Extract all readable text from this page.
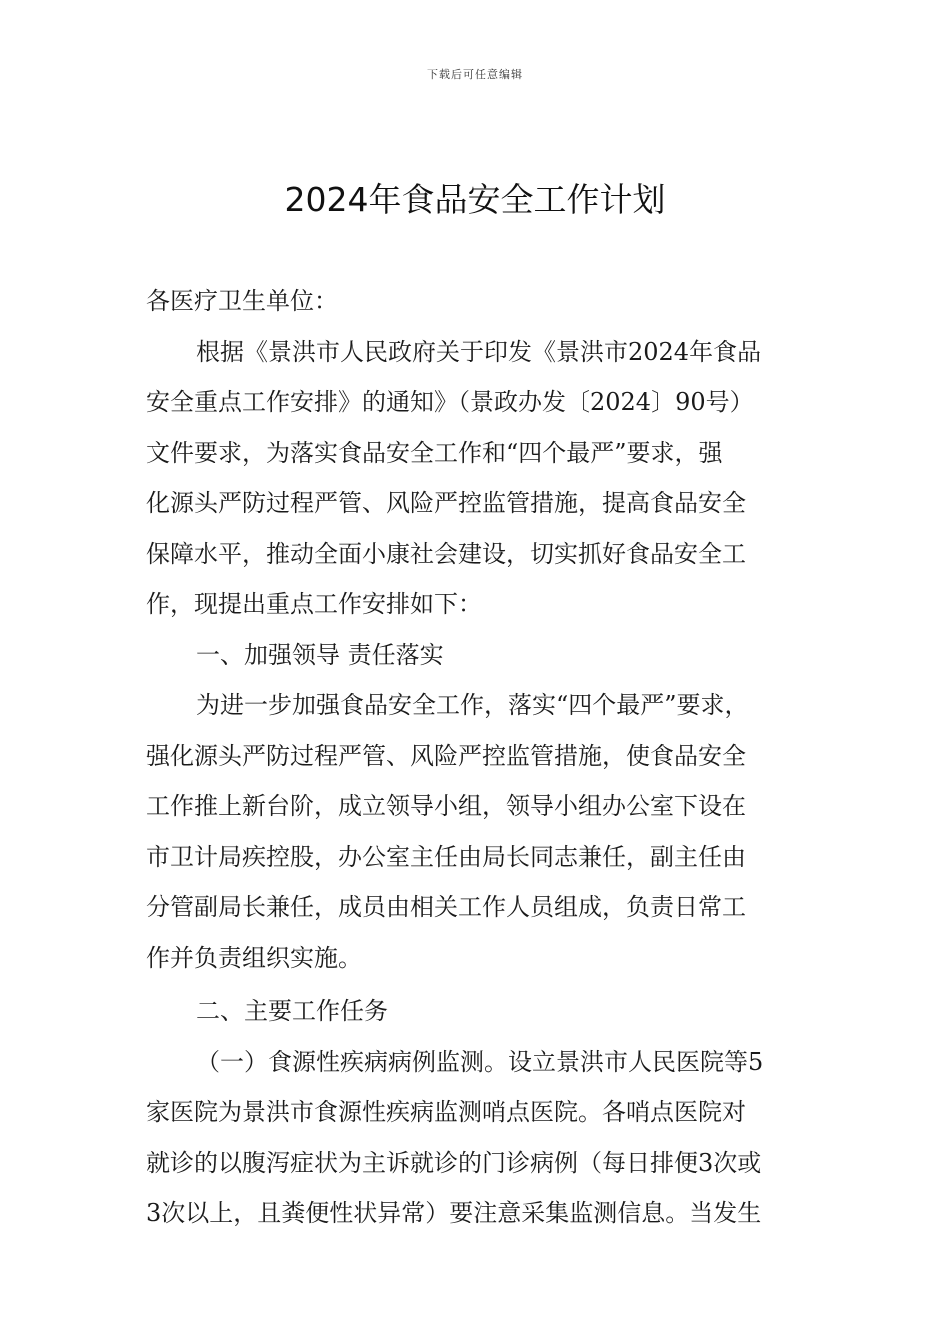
下载后可任意编辑
2024年食品安全工作计划

各医疗卫生单位：

根据《景洪市人民政府关于印发《景洪市2024年食品
安全重点工作安排》的通知》（景政办发〔2024〕90号）
文件要求，为落实食品安全工作和“四个最严”要求，强
化源头严防过程严管、风险严控监管措施，提高食品安全
保障水平，推动全面小康社会建设，切实抓好食品安全工
作，现提出重点工作安排如下：

一、加强领导 责任落实

为进一步加强食品安全工作，落实“四个最严”要求，
强化源头严防过程严管、风险严控监管措施，使食品安全
工作推上新台阶，成立领导小组，领导小组办公室下设在
市卫计局疾控股，办公室主任由局长同志兼任，副主任由
分管副局长兼任，成员由相关工作人员组成，负责日常工
作并负责组织实施。

二、主要工作任务

（一）食源性疾病病例监测。设立景洪市人民医院等5
家医院为景洪市食源性疾病监测哨点医院。各哨点医院对
就诊的以腹泻症状为主诉就诊的门诊病例（每日排便3次或
3次以上，且粪便性状异常）要注意采集监测信息。当发生
